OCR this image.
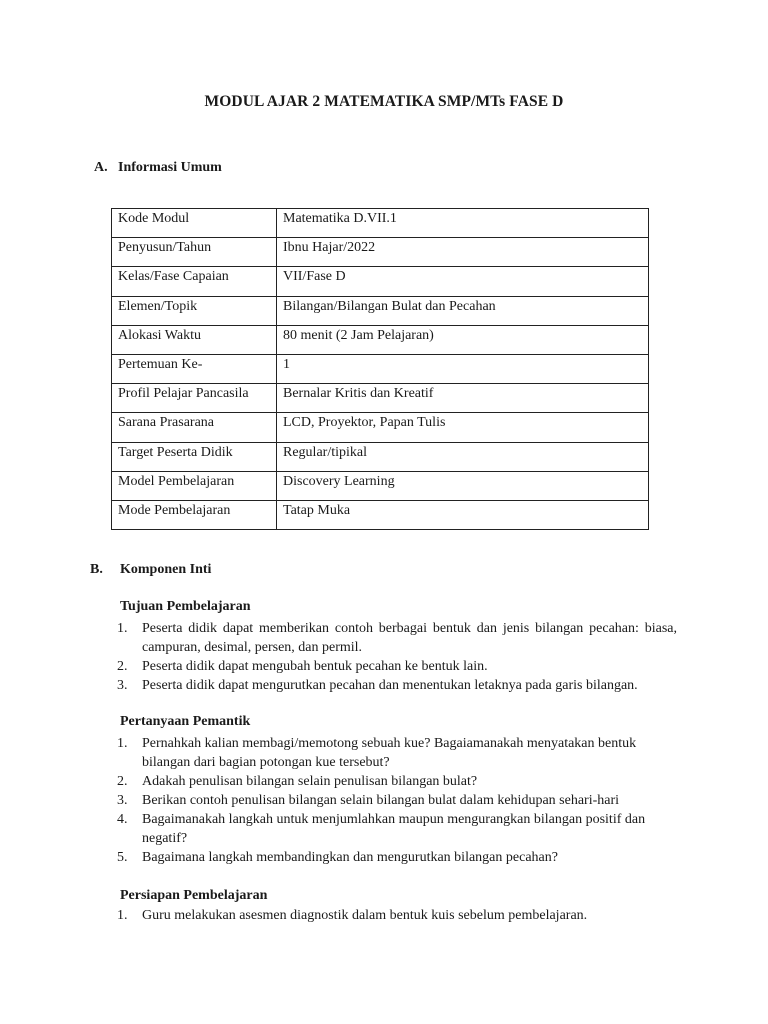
MODUL AJAR 2 MATEMATIKA SMP/MTs FASE D
A. Informasi Umum
Kode Modul	Matematika D.VII.1
Penyusun/Tahun	Ibnu Hajar/2022
Kelas/Fase Capaian	VII/Fase D
Elemen/Topik	Bilangan/Bilangan Bulat dan Pecahan
Alokasi Waktu	80 menit (2 Jam Pelajaran)
Pertemuan Ke-	1
Profil Pelajar Pancasila	Bernalar Kritis dan Kreatif
Sarana Prasarana	LCD, Proyektor, Papan Tulis
Target Peserta Didik	Regular/tipikal
Model Pembelajaran	Discovery Learning
Mode Pembelajaran	Tatap Muka
B. Komponen Inti
Tujuan Pembelajaran
1. Peserta didik dapat memberikan contoh berbagai bentuk dan jenis bilangan pecahan: biasa, campuran, desimal, persen, dan permil.
2. Peserta didik dapat mengubah bentuk pecahan ke bentuk lain.
3. Peserta didik dapat mengurutkan pecahan dan menentukan letaknya pada garis bilangan.
Pertanyaan Pemantik
1. Pernahkah kalian membagi/memotong sebuah kue? Bagaiamanakah menyatakan bentuk bilangan dari bagian potongan kue tersebut?
2. Adakah penulisan bilangan selain penulisan bilangan bulat?
3. Berikan contoh penulisan bilangan selain bilangan bulat dalam kehidupan sehari-hari
4. Bagaimanakah langkah untuk menjumlahkan maupun mengurangkan bilangan positif dan negatif?
5. Bagaimana langkah membandingkan dan mengurutkan bilangan pecahan?
Persiapan Pembelajaran
1. Guru melakukan asesmen diagnostik dalam bentuk kuis sebelum pembelajaran.
